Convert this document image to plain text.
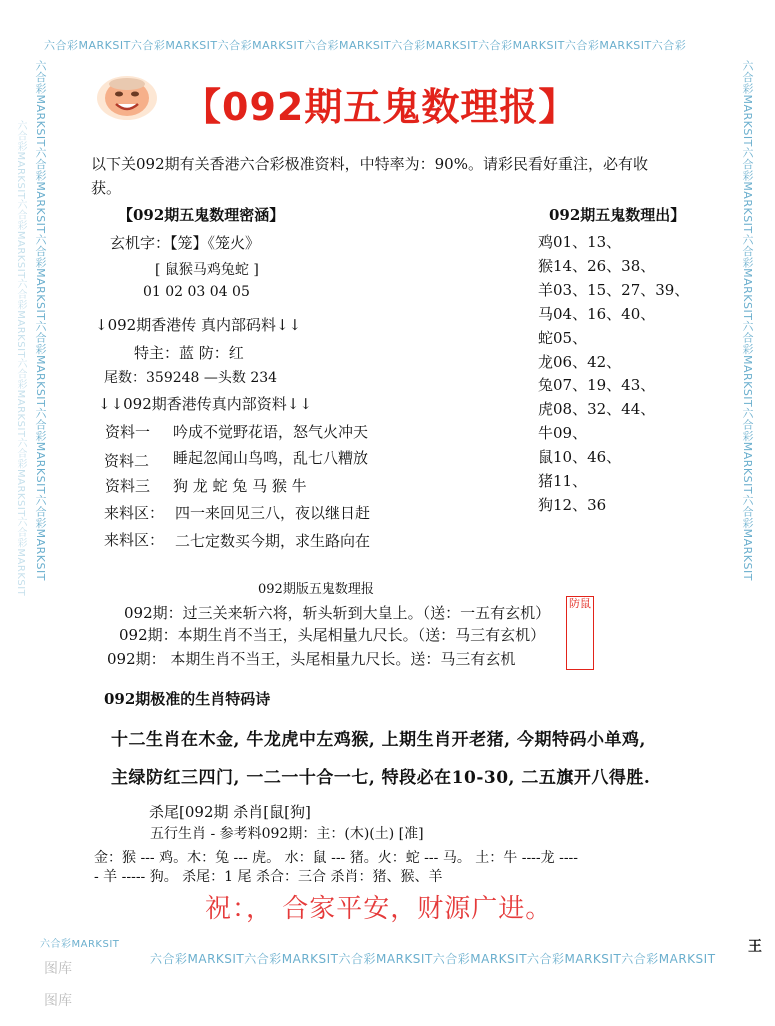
六合彩MARKSIT六合彩MARKSIT六合彩MARKSIT六合彩MARKSIT六合彩MARKSIT六合彩MARKSIT六合彩MARKSIT六合彩
六合彩MARKSIT六合彩MARKSIT六合彩MARKSIT六合彩MARKSIT六合彩MARKSIT六合彩MARKSIT
六合彩MARKSIT六合彩MARKSIT六合彩MARKSIT六合彩MARKSIT六合彩MARKSIT六合彩MARKSIT
六合彩MARKSIT六合彩MARKSIT六合彩MARKSIT六合彩MARKSIT六合彩MARKSIT六合彩MARKSIT	六合彩MARKSIT六合彩MARKSIT六合彩MARKSIT六合彩MARKSIT六合彩MARKSIT六合彩MARKSIT
六合彩MARKSIT
图库
图库
【092期五鬼数理报】
以下关092期有关香港六合彩极准资料，中特率为：90%。请彩民看好重注，必有收
获。
【092期五鬼数理密涵】
玄机字：【笼】《笼火》
[ 鼠猴马鸡兔蛇 ]
01 02 03 04 05
↓092期香港传 真内部码料↓↓
特主：蓝 防：红
尾数：359248 —头数 234
↓↓092期香港传真内部资料↓↓
资料一 吟成不觉野花语，怒气火冲天
资料二 睡起忽闻山鸟鸣，乱七八糟放
资料三 狗 龙 蛇 兔 马 猴 牛
来料区： 四一来回见三八，夜以继日赶
来料区： 二七定数买今期，求生路向在
092期五鬼数理出】
鸡01、13、
猴14、26、38、
羊03、15、27、39、
马04、16、40、
蛇05、
龙06、42、
兔07、19、43、
虎08、32、44、
牛09、
鼠10、46、
猪11、
狗12、36
092期版五鬼数理报
092期：过三关来斩六将，斩头斩到大皇上。（送：一五有玄机）
092期：本期生肖不当王，头尾相量九尺长。（送：马三有玄机）
092期： 本期生肖不当王，头尾相量九尺长。送：马三有玄机
防鼠
092期极准的生肖特码诗
十二生肖在木金, 牛龙虎中左鸡猴, 上期生肖开老猪, 今期特码小单鸡,
主绿防红三四门, 一二一十合一七, 特段必在10-30, 二五旗开八得胜.
杀尾[092期 杀肖[鼠[狗]
五行生肖 - 参考料092期：主：(木)(土) [准]
金：猴 --- 鸡。木：兔 --- 虎。 水：鼠 --- 猪。火：蛇 --- 马。 土：牛 ----龙 ----
- 羊 ----- 狗。 杀尾：1 尾 杀合：三合 杀肖：猪、猴、羊
祝：， 合家平安，财源广进。
王
